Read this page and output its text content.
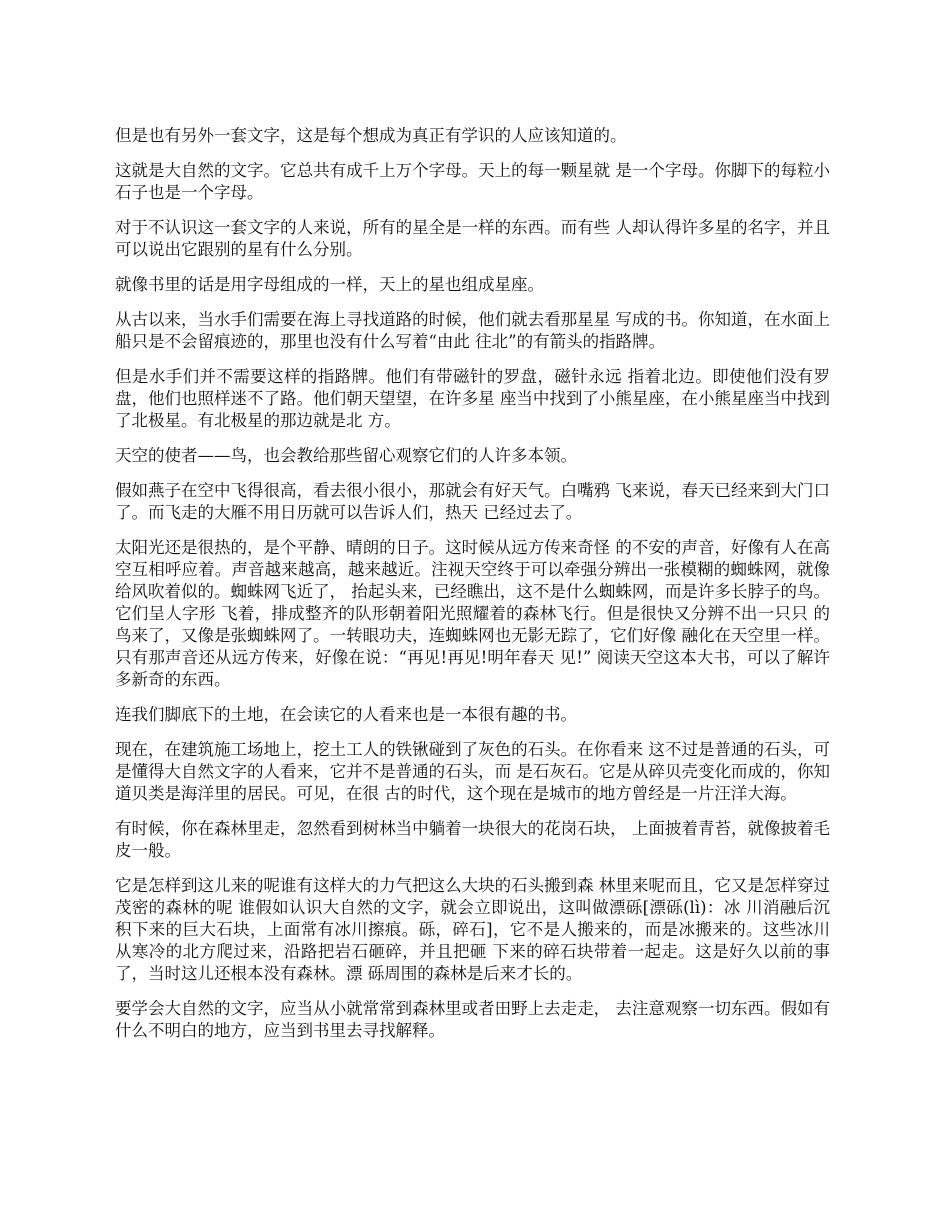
但是也有另外一套文字，这是每个想成为真正有学识的人应该知道的。

这就是大自然的文字。它总共有成千上万个字母。天上的每一颗星就 是一个字母。你脚下的每粒小石子也是一个字母。

对于不认识这一套文字的人来说，所有的星全是一样的东西。而有些 人却认得许多星的名字，并且可以说出它跟别的星有什么分别。

就像书里的话是用字母组成的一样，天上的星也组成星座。

从古以来，当水手们需要在海上寻找道路的时候，他们就去看那星星 写成的书。你知道，在水面上船只是不会留痕迹的，那里也没有什么写着“由此 往北”的有箭头的指路牌。

但是水手们并不需要这样的指路牌。他们有带磁针的罗盘，磁针永远 指着北边。即使他们没有罗盘，他们也照样迷不了路。他们朝天望望，在许多星 座当中找到了小熊星座，在小熊星座当中找到了北极星。有北极星的那边就是北 方。

天空的使者——鸟，也会教给那些留心观察它们的人许多本领。

假如燕子在空中飞得很高，看去很小很小，那就会有好天气。白嘴鸦 飞来说，春天已经来到大门口了。而飞走的大雁不用日历就可以告诉人们，热天 已经过去了。

太阳光还是很热的，是个平静、晴朗的日子。这时候从远方传来奇怪 的不安的声音，好像有人在高空互相呼应着。声音越来越高，越来越近。注视天空终于可以牵强分辨出一张模糊的蜘蛛网，就像给风吹着似的。蜘蛛网飞近了， 抬起头来，已经瞧出，这不是什么蜘蛛网，而是许多长脖子的鸟。它们呈人字形 飞着，排成整齐的队形朝着阳光照耀着的森林飞行。但是很快又分辨不出一只只 的鸟来了，又像是张蜘蛛网了。一转眼功夫，连蜘蛛网也无影无踪了，它们好像 融化在天空里一样。只有那声音还从远方传来，好像在说：“再见!再见!明年春天 见!” 阅读天空这本大书，可以了解许多新奇的东西。

连我们脚底下的土地，在会读它的人看来也是一本很有趣的书。

现在，在建筑施工场地上，挖土工人的铁锹碰到了灰色的石头。在你看来 这不过是普通的石头，可是懂得大自然文字的人看来，它并不是普通的石头，而 是石灰石。它是从碎贝壳变化而成的，你知道贝类是海洋里的居民。可见，在很 古的时代，这个现在是城市的地方曾经是一片汪洋大海。

有时候，你在森林里走，忽然看到树林当中躺着一块很大的花岗石块， 上面披着青苔，就像披着毛皮一般。

它是怎样到这儿来的呢谁有这样大的力气把这么大块的石头搬到森 林里来呢而且，它又是怎样穿过茂密的森林的呢 谁假如认识大自然的文字，就会立即说出，这叫做漂砾[漂砾(lì)：冰 川消融后沉积下来的巨大石块，上面常有冰川擦痕。砾，碎石]，它不是人搬来的，而是冰搬来的。这些冰川从寒冷的北方爬过来，沿路把岩石砸碎，并且把砸 下来的碎石块带着一起走。这是好久以前的事了，当时这儿还根本没有森林。漂 砾周围的森林是后来才长的。

要学会大自然的文字，应当从小就常常到森林里或者田野上去走走， 去注意观察一切东西。假如有什么不明白的地方，应当到书里去寻找解释。
